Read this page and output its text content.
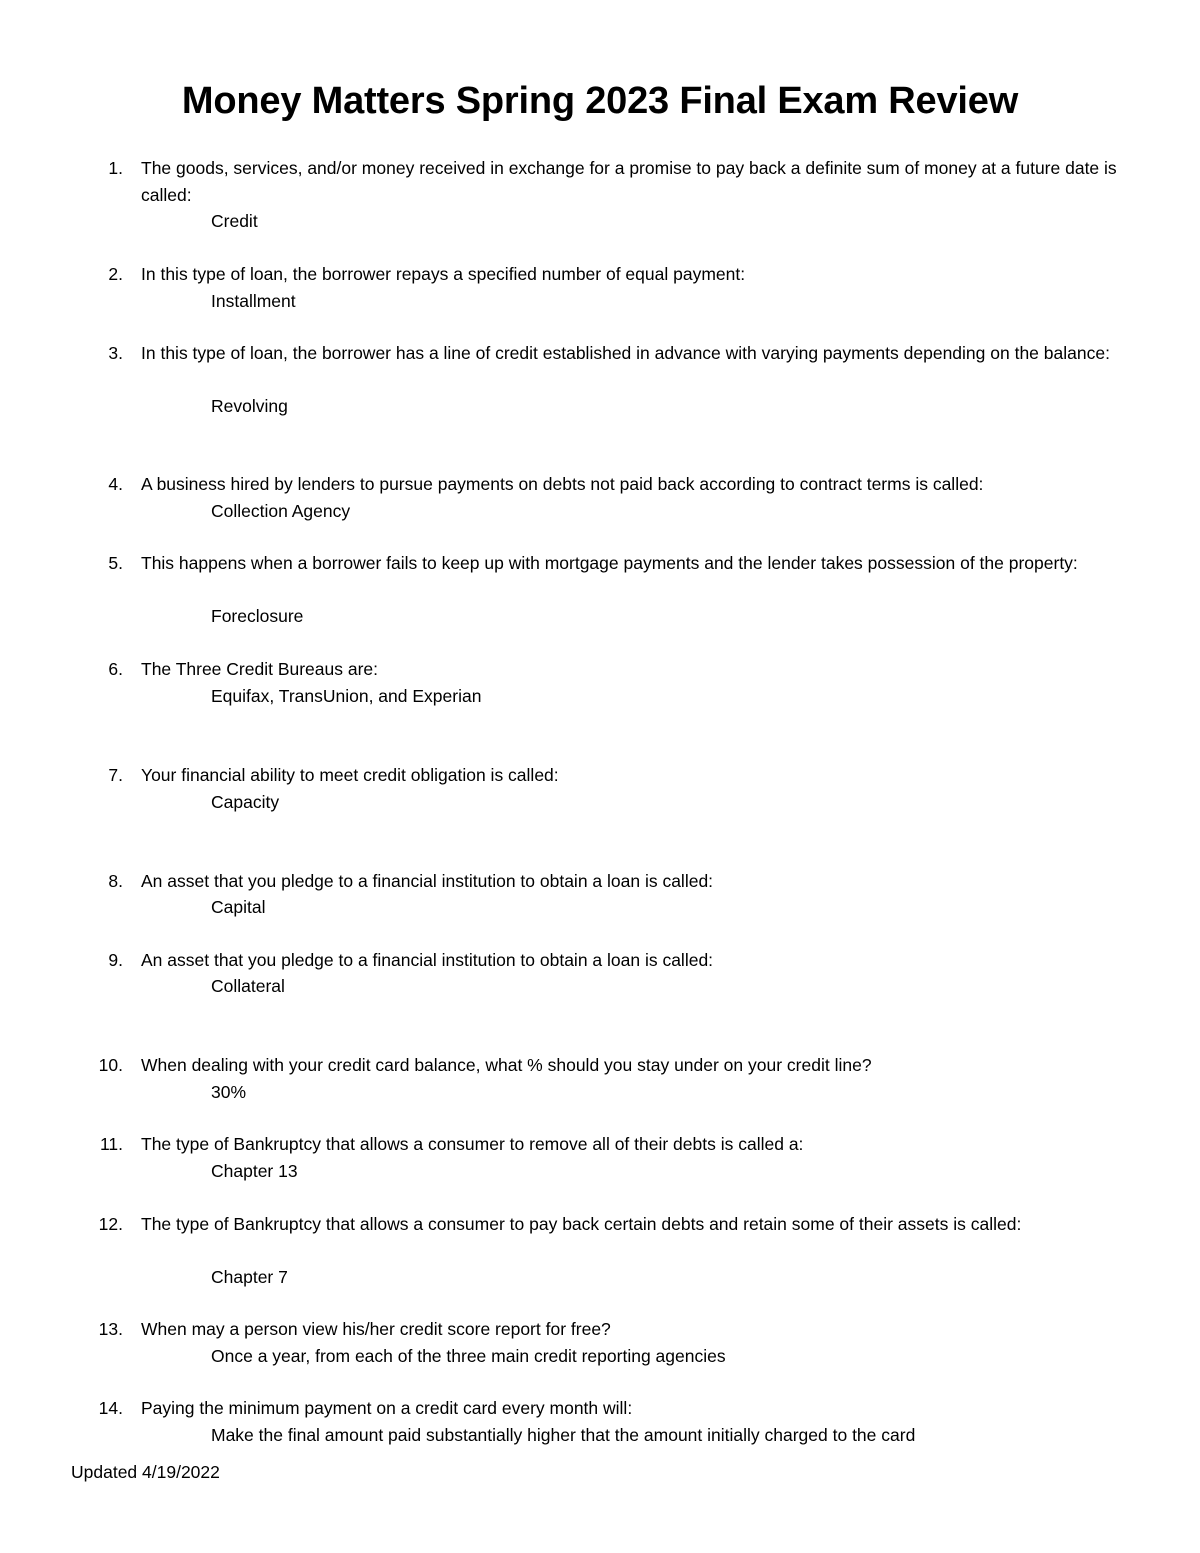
Money Matters Spring 2023 Final Exam Review
1. The goods, services, and/or money received in exchange for a promise to pay back a definite sum of money at a future date is called:

Credit
2. In this type of loan, the borrower repays a specified number of equal payment:

Installment
3. In this type of loan, the borrower has a line of credit established in advance with varying payments depending on the balance:

Revolving
4. A business hired by lenders to pursue payments on debts not paid back according to contract terms is called:

Collection Agency
5. This happens when a borrower fails to keep up with mortgage payments and the lender takes possession of the property:

Foreclosure
6. The Three Credit Bureaus are:

Equifax, TransUnion, and Experian
7. Your financial ability to meet credit obligation is called:

Capacity
8. An asset that you pledge to a financial institution to obtain a loan is called:

Capital
9. An asset that you pledge to a financial institution to obtain a loan is called:

Collateral
10. When dealing with your credit card balance, what % should you stay under on your credit line?

30%
11. The type of Bankruptcy that allows a consumer to remove all of their debts is called a:

Chapter 13
12. The type of Bankruptcy that allows a consumer to pay back certain debts and retain some of their assets is called:

Chapter 7
13. When may a person view his/her credit score report for free?

Once a year, from each of the three main credit reporting agencies
14. Paying the minimum payment on a credit card every month will:

Make the final amount paid substantially higher that the amount initially charged to the card
Updated 4/19/2022
